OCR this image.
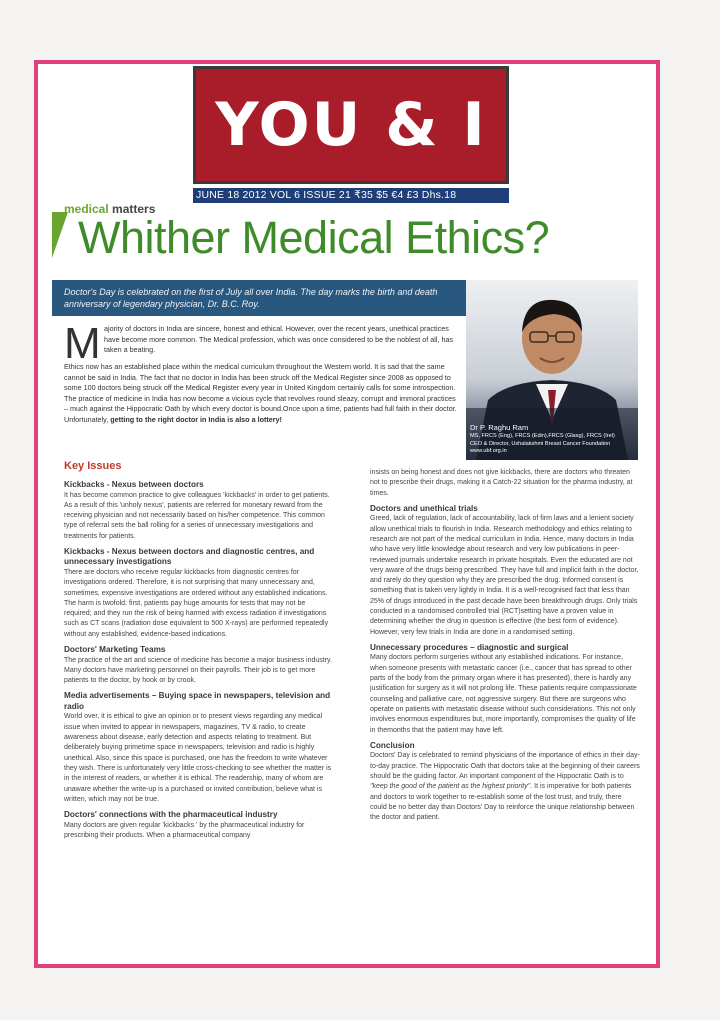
YOU & I
JUNE 18 2012 VOL 6 ISSUE 21 ₹35 $5 €4 £3 Dhs.18
medical matters
Whither Medical Ethics?
Doctor's Day is celebrated on the first of July all over India. The day marks the birth and death anniversary of legendary physician, Dr. B.C. Roy.
Dr P. Raghu Ram
MS, FRCS (Eng), FRCS (Edin),FRCS (Glasg), FRCS (Irel)
CEO & Director, Ushalakshmi Breast Cancer Foundation
www.ubf.org.in
M ajority of doctors in India are sincere, honest and ethical. However, over the recent years, unethical practices have become more common. The Medical profession, which was once considered to be the noblest of all, has taken a beating.
Ethics now has an established place within the medical curriculum throughout the Western world. It is sad that the same cannot be said in India. The fact that no doctor in India has been struck off the Medical Register since 2008 as opposed to some 100 doctors being struck off the Medical Register every year in United Kingdom certainly calls for some introspection. The practice of medicine in India has now become a vicious cycle that revolves round sleazy, corrupt and immoral practices – much against the Hippocratic Oath by which every doctor is bound.Once upon a time, patients had full faith in their doctor. Unfortunately, getting to the right doctor in India is also a lottery!
Key Issues
Kickbacks - Nexus between doctors
It has become common practice to give colleagues 'kickbacks' in order to get patients. As a result of this 'unholy nexus', patients are referred for monetary reward from the receiving physician and not necessarily based on his/her competence. This common type of referral sets the ball rolling for a series of unnecessary investigations and treatments for patients.
Kickbacks - Nexus between doctors and diagnostic centres, and unnecessary investigations
There are doctors who receive regular kickbacks from diagnostic centres for investigations ordered. Therefore, it is not surprising that many unnecessary and, sometimes, expensive investigations are ordered without any established indications. The harm is twofold: first, patients pay huge amounts for tests that may not be required; and they run the risk of being harmed with excess radiation if investigations such as CT scans (radiation dose equivalent to 500 X-rays) are performed repeatedly without any established, evidence-based indications.
Doctors' Marketing Teams
The practice of the art and science of medicine has become a major business industry. Many doctors have marketing personnel on their payrolls. Their job is to get more patients to the doctor, by hook or by crook.
Media advertisements – Buying space in newspapers, television and radio
World over, it is ethical to give an opinion or to present views regarding any medical issue when invited to appear in newspapers, magazines, TV & radio, to create awareness about disease, early detection and aspects relating to treatment. But deliberately buying primetime space in newspapers, television and radio is highly unethical. Also, since this space is purchased, one has the freedom to write whatever they wish. There is unfortunately very little cross-checking to see whether the matter is in the interest of readers, or whether it is ethical. The readership, many of whom are unaware whether the write-up is a purchased or invited contribution, believe what is written, which may not be true.
Doctors' connections with the pharmaceutical industry
Many doctors are given regular 'kickbacks ' by the pharmaceutical industry for prescribing their products. When a pharmaceutical company
insists on being honest and does not give kickbacks, there are doctors who threaten not to prescribe their drugs, making it a Catch-22 situation for the pharma industry, at times.
Doctors and unethical trials
Greed, lack of regulation, lack of accountability, lack of firm laws and a lenient society allow unethical trials to flourish in India. Research methodology and ethics relating to research are not part of the medical curriculum in India. Hence, many doctors in India who have very little knowledge about research and very low publications in peer-reviewed journals undertake research in private hospitals. Even the educated are not very aware of the drugs being prescribed. They have full and implicit faith in the doctor, and rarely do they question why they are prescribed the drug. Informed consent is something that is taken very lightly in India. It is a well-recognised fact that less than 25% of drugs introduced in the past decade have been breakthrough drugs. Only trials conducted in a randomised controlled trial (RCT)setting have a proven value in determining whether the drug in question is effective (the best form of evidence). However, very few trials in India are done in a randomised setting.
Unnecessary procedures – diagnostic and surgical
Many doctors perform surgeries without any established indications. For instance, when someone presents with metastatic cancer (i.e., cancer that has spread to other parts of the body from the primary organ where it has presented), there is hardly any justification for surgery as it will not prolong life. These patients require compassionate counseling and palliative care, not aggressive surgery. But there are surgeons who operate on patients with metastatic disease without such considerations. This not only involves enormous expenditures but, more importantly, compromises the quality of life in themonths that the patient may have left.
Conclusion
Doctors' Day is celebrated to remind physicians of the importance of ethics in their day-to-day practice. The Hippocratic Oath that doctors take at the beginning of their careers should be the guiding factor. An important component of the Hippocratic Oath is to "keep the good of the patient as the highest priority". It is imperative for both patients and doctors to work together to re-establish some of the lost trust, and truly, there could be no better day than Doctors' Day to reinforce the unique relationship between the doctor and patient.
